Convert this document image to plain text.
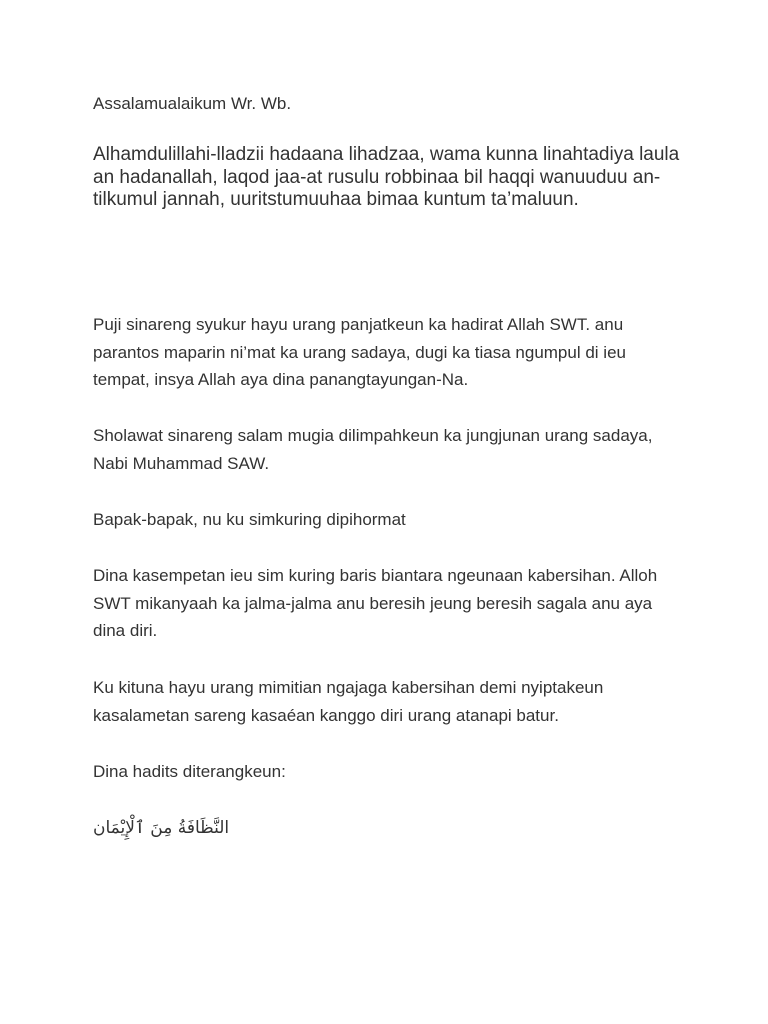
Assalamualaikum Wr. Wb.
Alhamdulillahi-lladzii hadaana lihadzaa, wama kunna linahtadiya laula an hadanallah, laqod jaa-at rusulu robbinaa bil haqqi wanuuduu an-tilkumul jannah, uuritstumuuhaa bimaa kuntum ta’maluun.
Puji sinareng syukur hayu urang panjatkeun ka hadirat Allah SWT. anu parantos maparin ni’mat ka urang sadaya, dugi ka tiasa ngumpul di ieu tempat, insya Allah aya dina panangtayungan-Na.
Sholawat sinareng salam mugia dilimpahkeun ka jungjunan urang sadaya, Nabi Muhammad SAW.
Bapak-bapak, nu ku simkuring dipihormat
Dina kasempetan ieu sim kuring baris biantara ngeunaan kabersihan. Alloh SWT mikanyaah ka jalma-jalma anu beresih jeung beresih sagala anu aya dina diri.
Ku kituna hayu urang mimitian ngajaga kabersihan demi nyiptakeun kasalametan sareng kasaéan kanggo diri urang atanapi batur.
Dina hadits diterangkeun:
النَّظَافَةُ مِنَ ٱلْإِيْمَان
